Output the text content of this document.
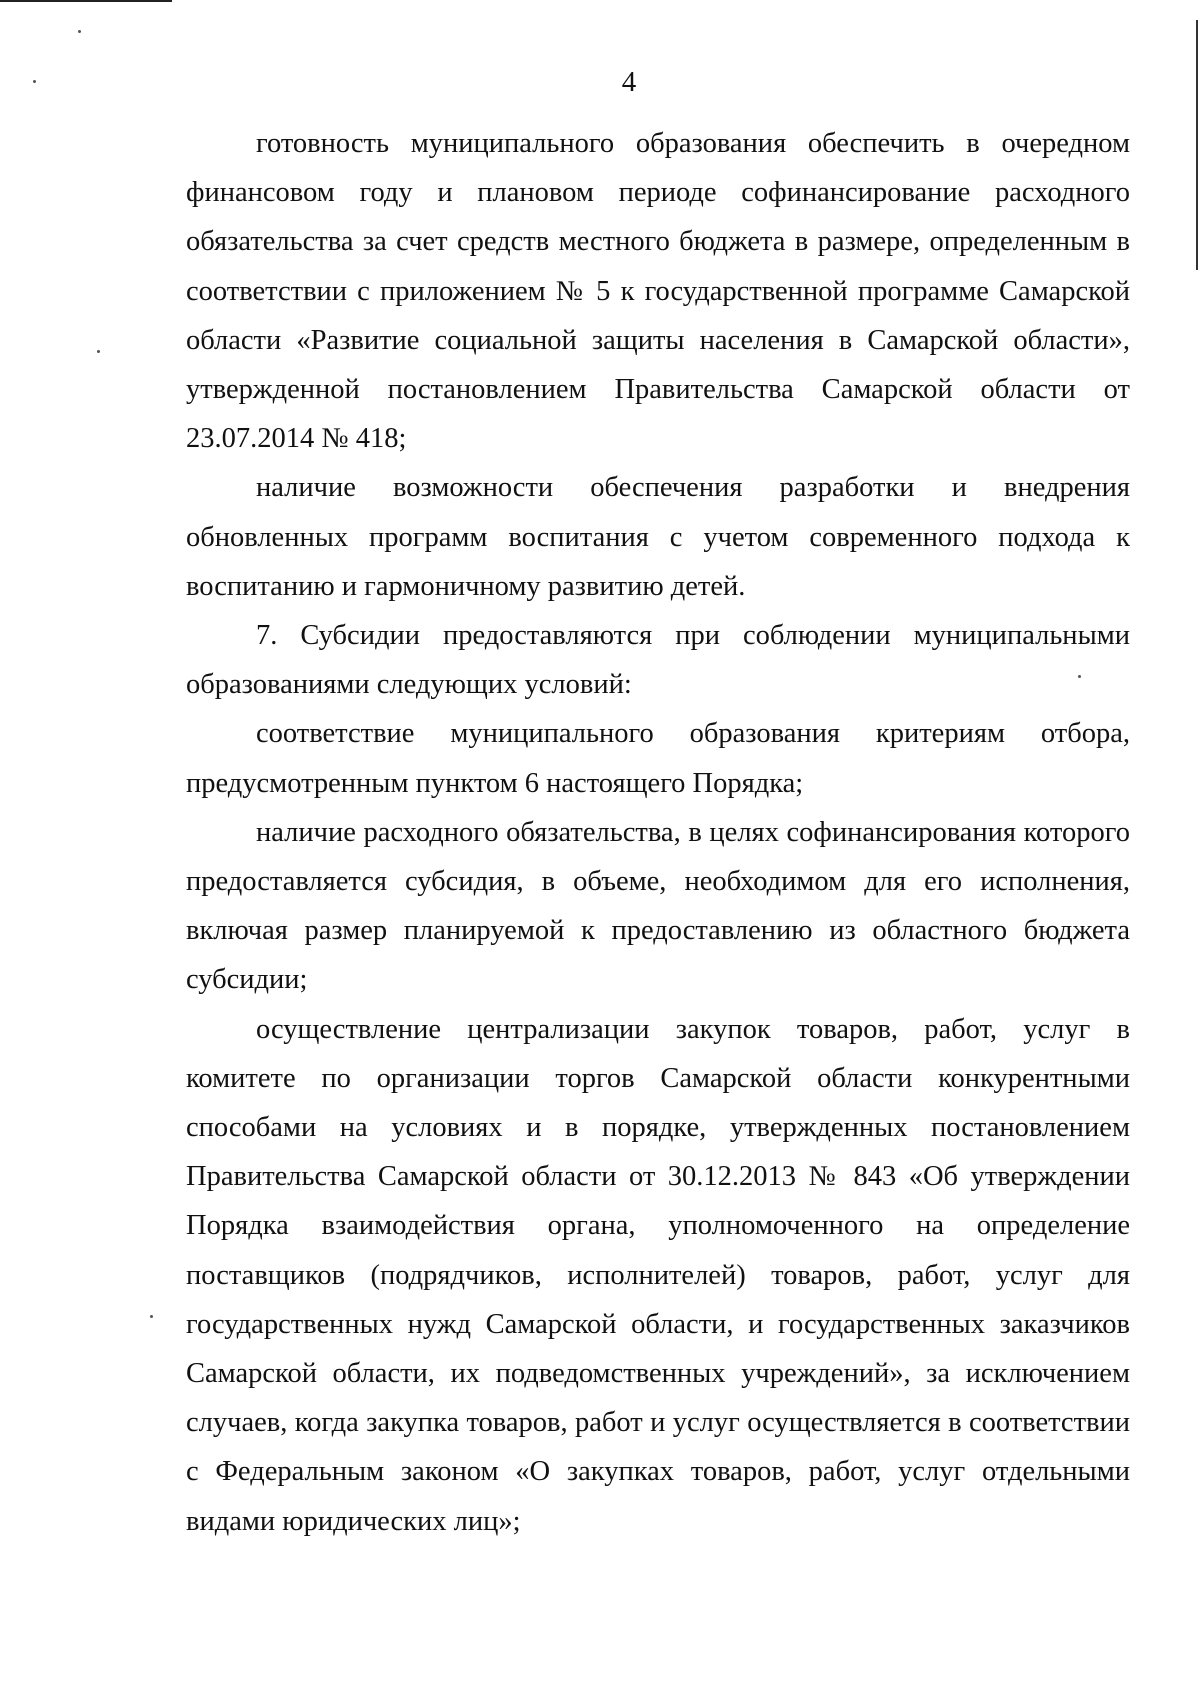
4

готовность муниципального образования обеспечить в очередном финансовом году и плановом периоде софинансирование расходного обязательства за счет средств местного бюджета в размере, определенным в соответствии с приложением № 5 к государственной программе Самарской области «Развитие социальной защиты населения в Самарской области», утвержденной постановлением Правительства Самарской области от 23.07.2014 № 418;

наличие возможности обеспечения разработки и внедрения обновленных программ воспитания с учетом современного подхода к воспитанию и гармоничному развитию детей.

7. Субсидии предоставляются при соблюдении муниципальными образованиями следующих условий:

соответствие муниципального образования критериям отбора, предусмотренным пунктом 6 настоящего Порядка;

наличие расходного обязательства, в целях софинансирования которого предоставляется субсидия, в объеме, необходимом для его исполнения, включая размер планируемой к предоставлению из областного бюджета субсидии;

осуществление централизации закупок товаров, работ, услуг в комитете по организации торгов Самарской области конкурентными способами на условиях и в порядке, утвержденных постановлением Правительства Самарской области от 30.12.2013 № 843 «Об утверждении Порядка взаимодействия органа, уполномоченного на определение поставщиков (подрядчиков, исполнителей) товаров, работ, услуг для государственных нужд Самарской области, и государственных заказчиков Самарской области, их подведомственных учреждений», за исключением случаев, когда закупка товаров, работ и услуг осуществляется в соответствии с Федеральным законом «О закупках товаров, работ, услуг отдельными видами юридических лиц»;
